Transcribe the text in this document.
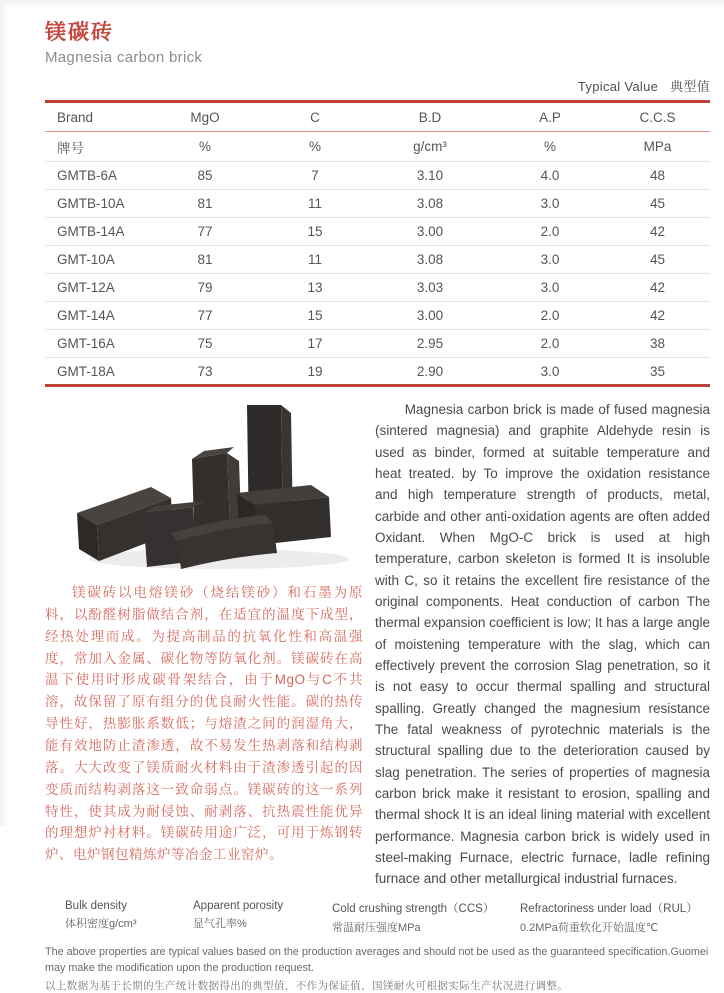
镁碳砖
Magnesia carbon brick
Typical Value 典型值
Brand	MgO	C	B.D	A.P	C.C.S
牌号	%	%	g/cm³	%	MPa
GMTB-6A	85	7	3.10	4.0	48
GMTB-10A	81	11	3.08	3.0	45
GMTB-14A	77	15	3.00	2.0	42
GMT-10A	81	11	3.08	3.0	45
GMT-12A	79	13	3.03	3.0	42
GMT-14A	77	15	3.00	2.0	42
GMT-16A	75	17	2.95	2.0	38
GMT-18A	73	19	2.90	3.0	35

镁碳砖以电熔镁砂（烧结镁砂）和石墨为原料，以酚醛树脂做结合剂，在适宜的温度下成型，经热处理而成。为提高制品的抗氧化性和高温强度，常加入金属、碳化物等防氧化剂。镁碳砖在高温下使用时形成碳骨架结合，由于MgO与C不共溶，故保留了原有组分的优良耐火性能。碳的热传导性好，热膨胀系数低；与熔渣之间的润湿角大，能有效地防止渣渗透，故不易发生热剥落和结构剥落。大大改变了镁质耐火材料由于渣渗透引起的因变质而结构剥落这一致命弱点。镁碳砖的这一系列特性，使其成为耐侵蚀、耐剥落、抗热震性能优异的理想炉衬材料。镁碳砖用途广泛，可用于炼钢转炉、电炉钢包精炼炉等冶金工业窑炉。

Magnesia carbon brick is made of fused magnesia (sintered magnesia) and graphite Aldehyde resin is used as binder, formed at suitable temperature and heat treated. by To improve the oxidation resistance and high temperature strength of products, metal, carbide and other anti-oxidation agents are often added Oxidant. When MgO-C brick is used at high temperature, carbon skeleton is formed It is insoluble with C, so it retains the excellent fire resistance of the original components. Heat conduction of carbon The thermal expansion coefficient is low; It has a large angle of moistening temperature with the slag, which can effectively prevent the corrosion Slag penetration, so it is not easy to occur thermal spalling and structural spalling. Greatly changed the magnesium resistance The fatal weakness of pyrotechnic materials is the structural spalling due to the deterioration caused by slag penetration. The series of properties of magnesia carbon brick make it resistant to erosion, spalling and thermal shock It is an ideal lining material with excellent performance. Magnesia carbon brick is widely used in steel-making Furnace, electric furnace, ladle refining furnace and other metallurgical industrial furnaces.

Bulk density
体积密度g/cm³
Apparent porosity
显气孔率%
Cold crushing strength（CCS）
常温耐压强度MPa
Refractoriness under load（RUL）
0.2MPa荷重软化开始温度℃
The above properties are typical values based on the production averages and should not be used as the guaranteed specification.Guomei may make the modification upon the production request.
以上数据为基于长期的生产统计数据得出的典型值，不作为保证值，国镁耐火可根据实际生产状况进行调整。
